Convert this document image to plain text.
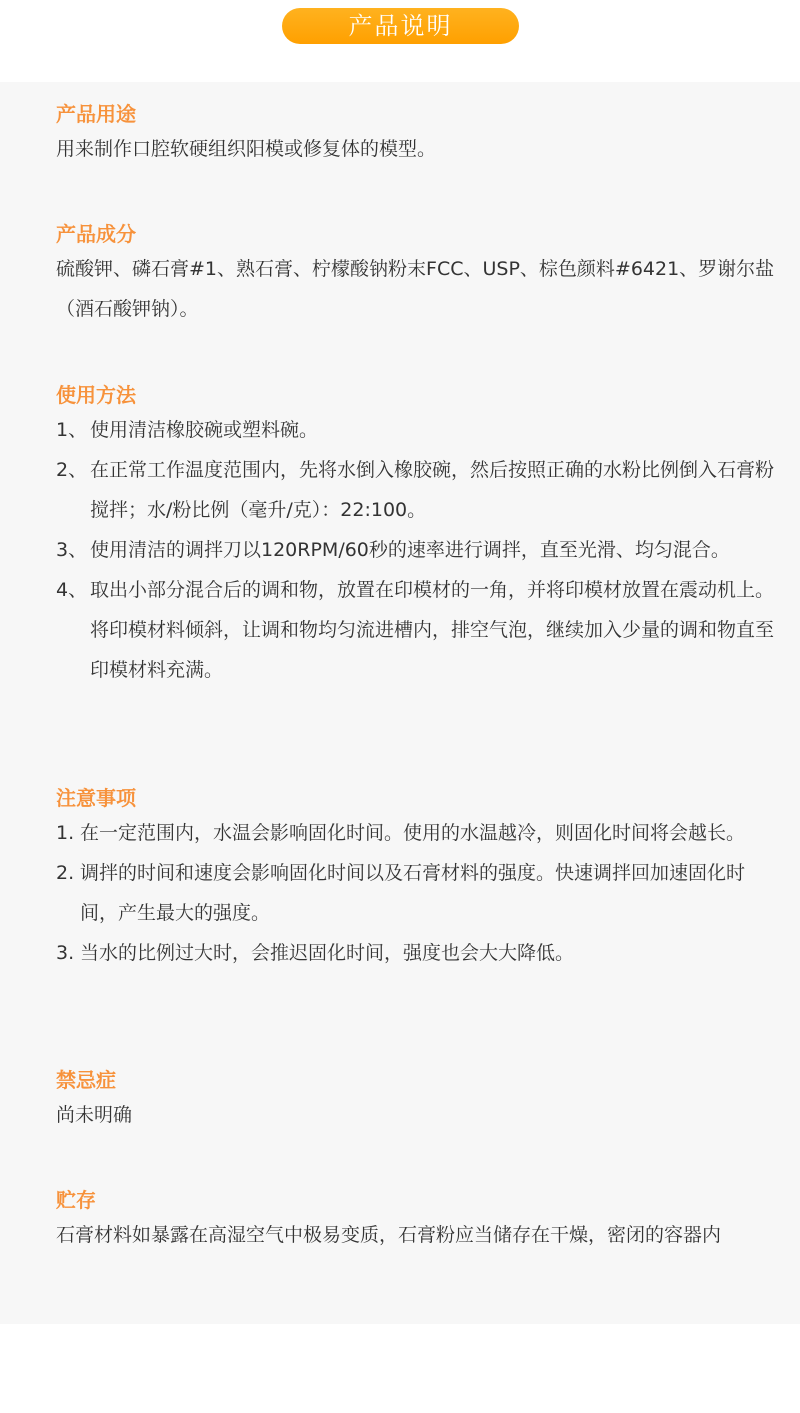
产品说明
产品用途

用来制作口腔软硬组织阳模或修复体的模型。

产品成分

硫酸钾、磷石膏#1、熟石膏、柠檬酸钠粉末FCC、USP、棕色颜料#6421、罗谢尔盐（酒石酸钾钠）。

使用方法
1、 使用清洁橡胶碗或塑料碗。
2、 在正常工作温度范围内，先将水倒入橡胶碗，然后按照正确的水粉比例倒入石膏粉搅拌；水/粉比例（毫升/克）：22:100。
3、 使用清洁的调拌刀以120RPM/60秒的速率进行调拌，直至光滑、均匀混合。
4、 取出小部分混合后的调和物，放置在印模材的一角，并将印模材放置在震动机上。将印模材料倾斜，让调和物均匀流进槽内，排空气泡，继续加入少量的调和物直至印模材料充满。
注意事项
1. 在一定范围内，水温会影响固化时间。使用的水温越冷，则固化时间将会越长。
2. 调拌的时间和速度会影响固化时间以及石膏材料的强度。快速调拌回加速固化时间，产生最大的强度。
3. 当水的比例过大时，会推迟固化时间，强度也会大大降低。
禁忌症

尚未明确

贮存

石膏材料如暴露在高湿空气中极易变质，石膏粉应当储存在干燥，密闭的容器内
